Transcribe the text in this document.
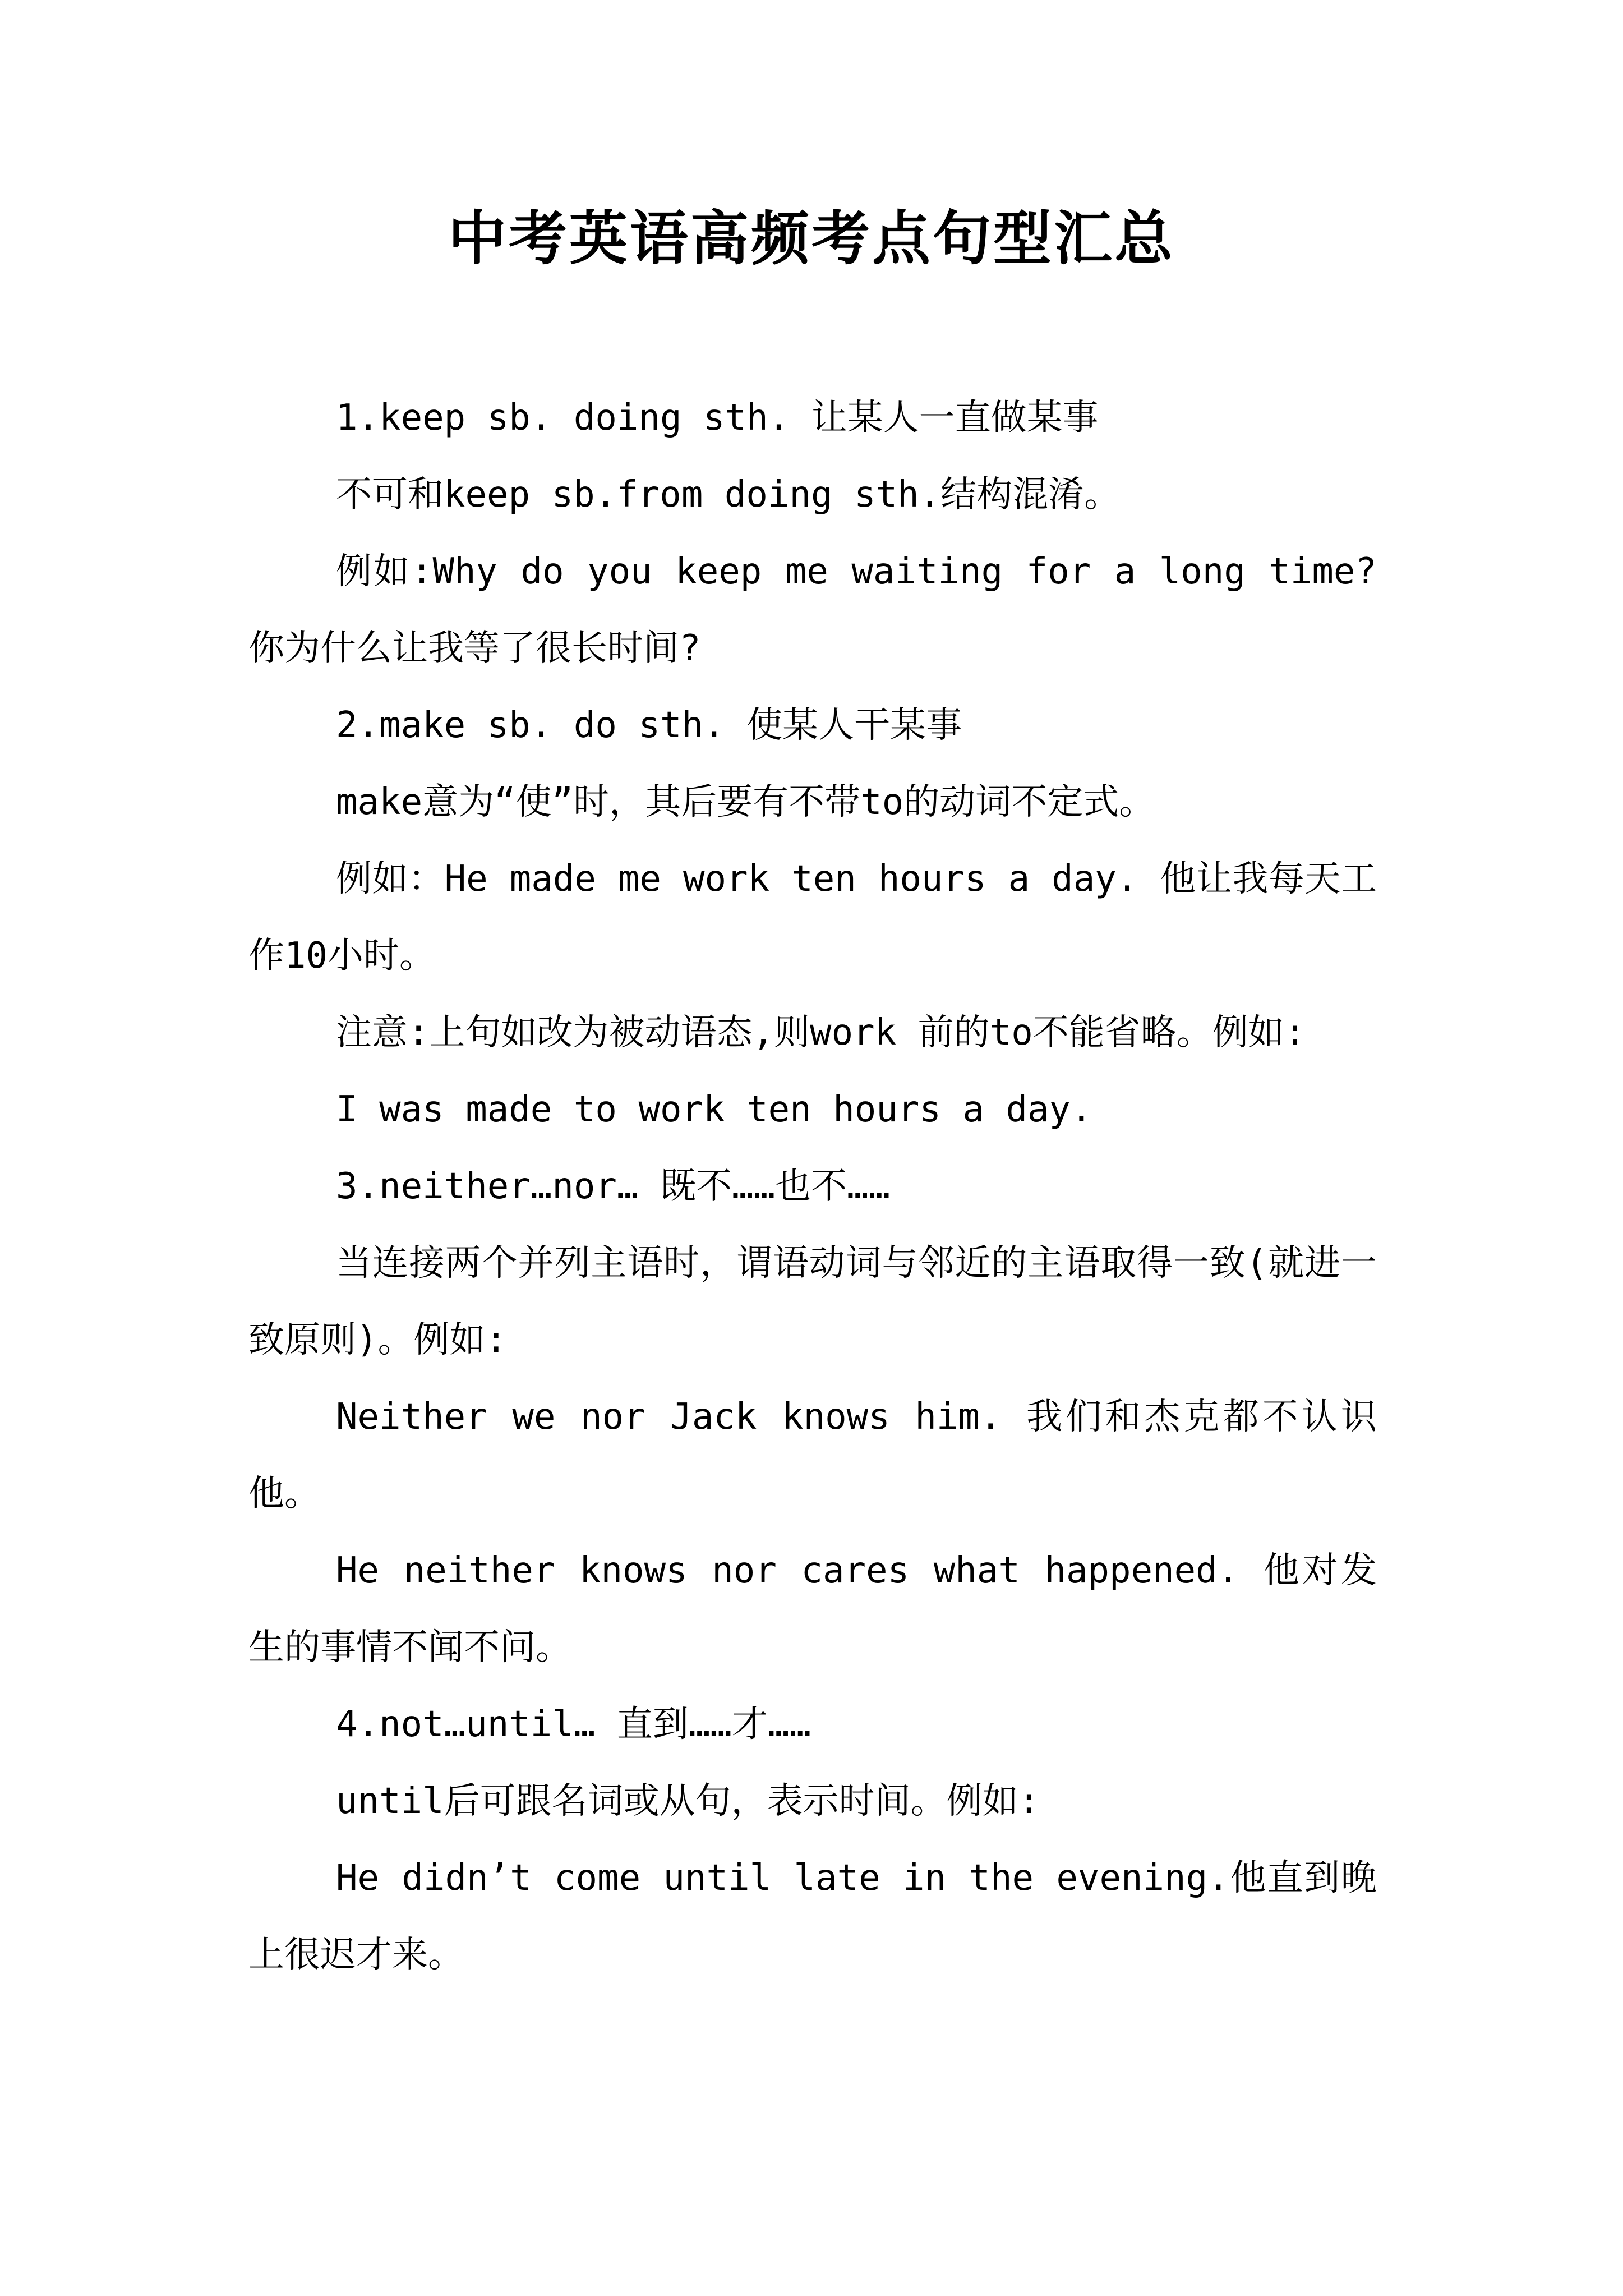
中考英语高频考点句型汇总

1.keep sb. doing sth. 让某人一直做某事

不可和keep sb.from doing sth.结构混淆。

例如:Why do you keep me waiting for a long time?你为什么让我等了很长时间?

2.make sb. do sth. 使某人干某事

make意为“使”时，其后要有不带to的动词不定式。

例如：He made me work ten hours a day. 他让我每天工作10小时。

注意:上句如改为被动语态,则work 前的to不能省略。例如:

I was made to work ten hours a day.

3.neither…nor… 既不……也不……

当连接两个并列主语时，谓语动词与邻近的主语取得一致(就进一致原则)。例如:

Neither we nor Jack knows him. 我们和杰克都不认识他。

He neither knows nor cares what happened. 他对发生的事情不闻不问。

4.not…until… 直到……才……

until后可跟名词或从句，表示时间。例如:

He didn’t come until late in the evening.他直到晚上很迟才来。
